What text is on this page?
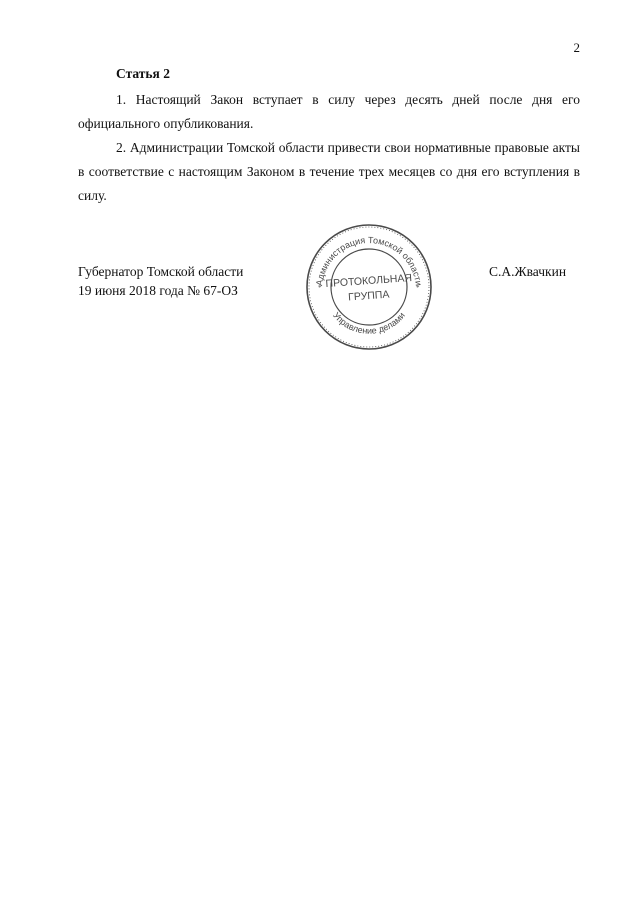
2
Статья 2
1. Настоящий Закон вступает в силу через десять дней после дня его официального опубликования.
2. Администрации Томской области привести свои нормативные правовые акты в соответствие с настоящим Законом в течение трех месяцев со дня его вступления в силу.
Губернатор Томской области
19 июня 2018 года № 67-ОЗ
С.А.Жвачкин
Администрация Томской области
Управление делами
ПРОТОКОЛЬНАЯ
ГРУППА
*	*
